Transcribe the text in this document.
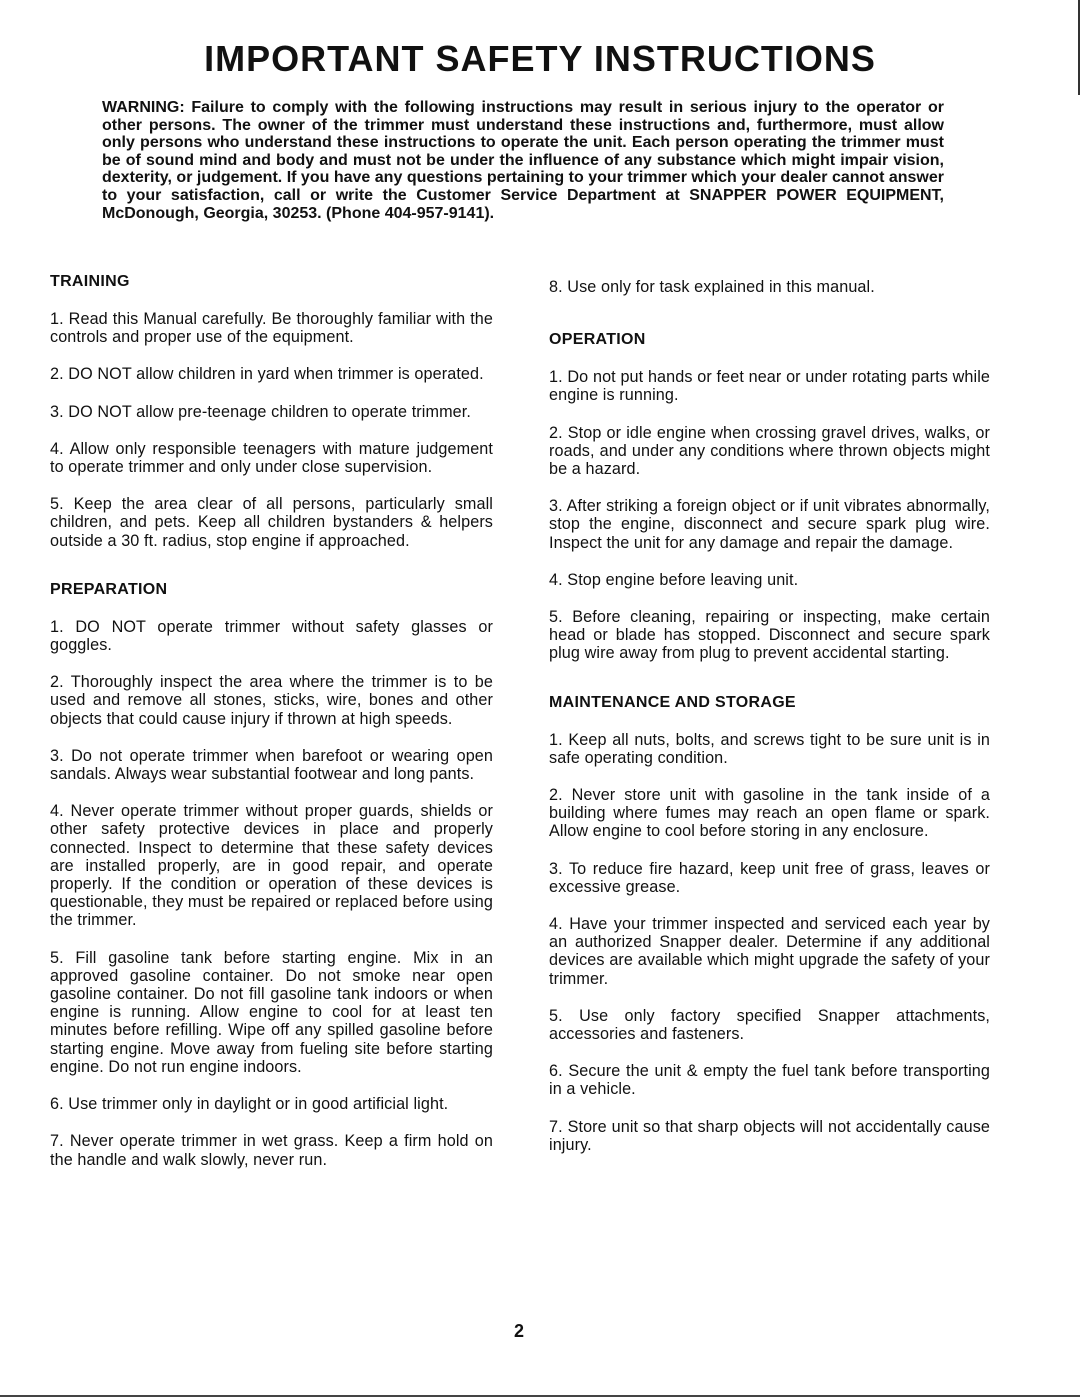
IMPORTANT SAFETY INSTRUCTIONS

WARNING: Failure to comply with the following instructions may result in serious injury to the operator or other persons. The owner of the trimmer must understand these instructions and, furthermore, must allow only persons who understand these instructions to operate the unit. Each person operating the trimmer must be of sound mind and body and must not be under the influence of any substance which might impair vision, dexterity, or judgement. If you have any questions pertaining to your trimmer which your dealer cannot answer to your satisfaction, call or write the Customer Service Department at SNAPPER POWER EQUIPMENT, McDonough, Georgia, 30253. (Phone 404-957-9141).

TRAINING

1. Read this Manual carefully. Be thoroughly familiar with the controls and proper use of the equipment.

2. DO NOT allow children in yard when trimmer is operated.

3. DO NOT allow pre-teenage children to operate trimmer.

4. Allow only responsible teenagers with mature judgement to operate trimmer and only under close supervision.

5. Keep the area clear of all persons, particularly small children, and pets. Keep all children bystanders & helpers outside a 30 ft. radius, stop engine if approached.

PREPARATION

1. DO NOT operate trimmer without safety glasses or goggles.

2. Thoroughly inspect the area where the trimmer is to be used and remove all stones, sticks, wire, bones and other objects that could cause injury if thrown at high speeds.

3. Do not operate trimmer when barefoot or wearing open sandals. Always wear substantial footwear and long pants.

4. Never operate trimmer without proper guards, shields or other safety protective devices in place and properly connected. Inspect to determine that these safety devices are installed properly, are in good repair, and operate properly. If the condition or operation of these devices is questionable, they must be repaired or replaced before using the trimmer.

5. Fill gasoline tank before starting engine. Mix in an approved gasoline container. Do not smoke near open gasoline container. Do not fill gasoline tank indoors or when engine is running. Allow engine to cool for at least ten minutes before refilling. Wipe off any spilled gasoline before starting engine. Move away from fueling site before starting engine. Do not run engine indoors.

6. Use trimmer only in daylight or in good artificial light.

7. Never operate trimmer in wet grass. Keep a firm hold on the handle and walk slowly, never run.

8. Use only for task explained in this manual.

OPERATION

1. Do not put hands or feet near or under rotating parts while engine is running.

2. Stop or idle engine when crossing gravel drives, walks, or roads, and under any conditions where thrown objects might be a hazard.

3. After striking a foreign object or if unit vibrates abnormally, stop the engine, disconnect and secure spark plug wire. Inspect the unit for any damage and repair the damage.

4. Stop engine before leaving unit.

5. Before cleaning, repairing or inspecting, make certain head or blade has stopped. Disconnect and secure spark plug wire away from plug to prevent accidental starting.

MAINTENANCE AND STORAGE

1. Keep all nuts, bolts, and screws tight to be sure unit is in safe operating condition.

2. Never store unit with gasoline in the tank inside of a building where fumes may reach an open flame or spark. Allow engine to cool before storing in any enclosure.

3. To reduce fire hazard, keep unit free of grass, leaves or excessive grease.

4. Have your trimmer inspected and serviced each year by an authorized Snapper dealer. Determine if any additional devices are available which might upgrade the safety of your trimmer.

5. Use only factory specified Snapper attachments, accessories and fasteners.

6. Secure the unit & empty the fuel tank before transporting in a vehicle.

7. Store unit so that sharp objects will not accidentally cause injury.

2
